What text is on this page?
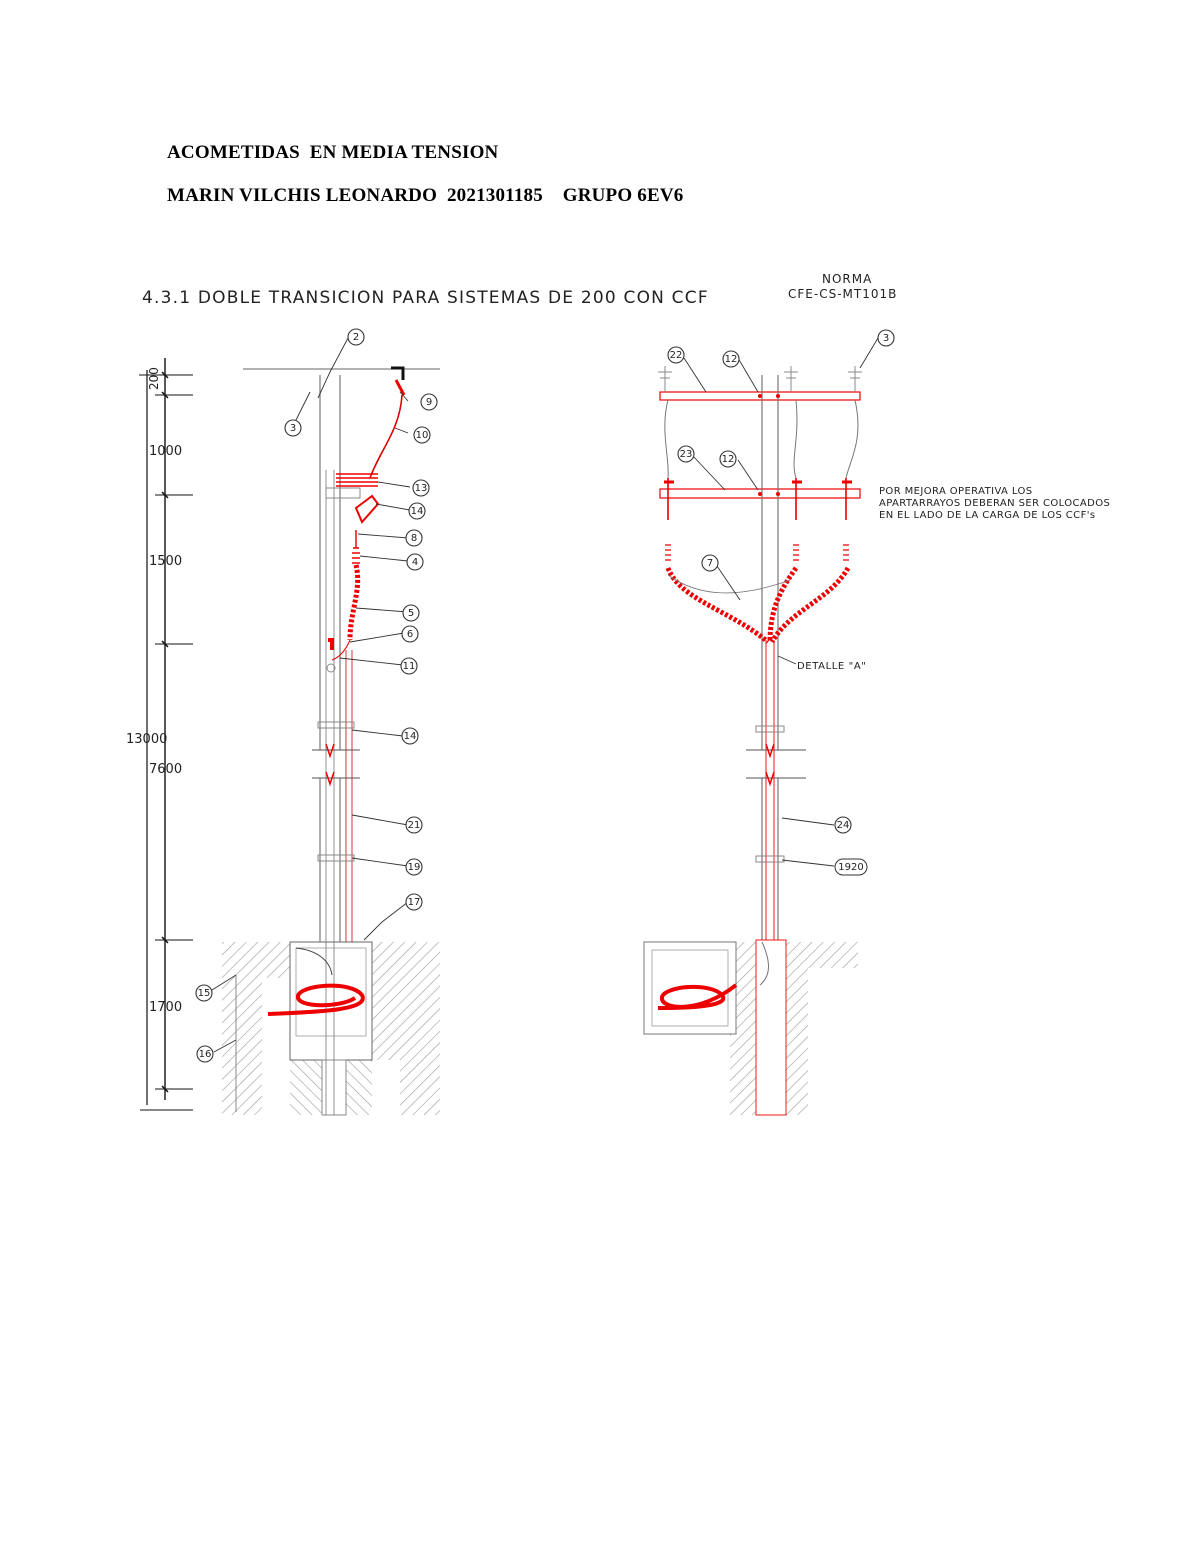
ACOMETIDAS  EN MEDIA TENSION
MARIN VILCHIS LEONARDO  2021301185    GRUPO 6EV6
4.3.1 DOBLE TRANSICION PARA SISTEMAS DE 200 CON CCF
NORMA
CFE-CS-MT101B
200
1000
1500
13000
7600
1700
DETALLE "A"
POR MEJORA OPERATIVA LOS
APARTARRAYOS DEBERAN SER COLOCADOS
EN EL LADO DE LA CARGA DE LOS CCF's
2
3
9
10
13
14
8
4
5
6
11
14
21
19
17
15
16
22	12
3
23	12
7
24
1920
